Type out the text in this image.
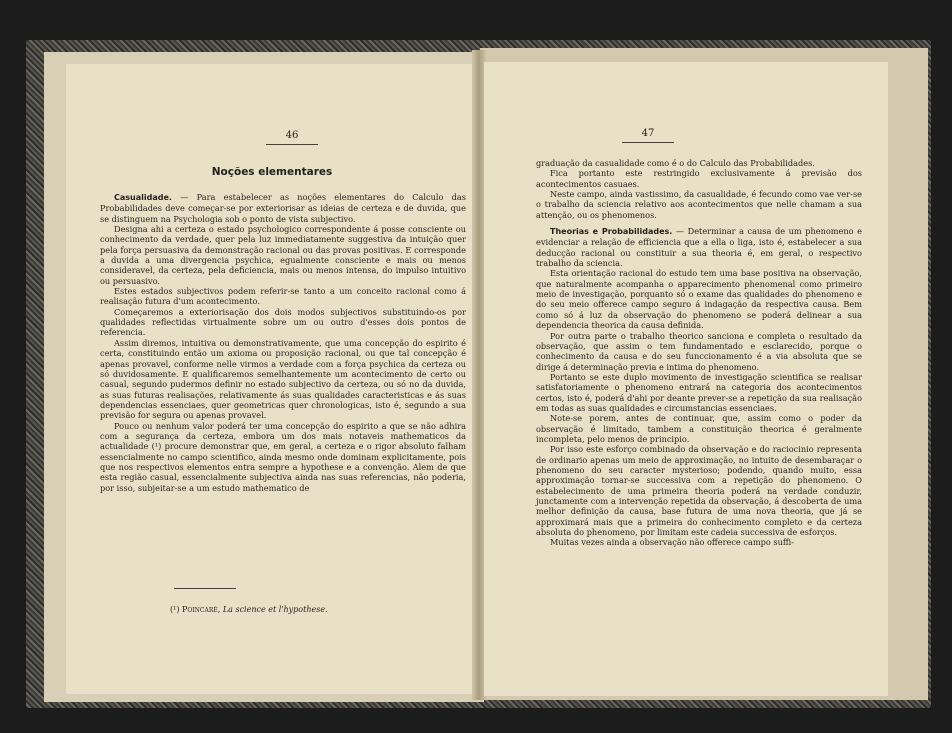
46
Noções elementares

Casualidade. — Para estabelecer as noções elementares do Calculo das Probabilidades deve começar-se por exteriorisar as ideias de certeza e de duvida, que se distinguem na Psychologia sob o ponto de vista subjectivo.

Designa ahi a certeza o estado psychologico correspondente á posse consciente ou conhecimento da verdade, quer pela luz immediatamente suggestiva da intuição quer pela força persuasiva da demonstração racional ou das provas positivas. E corresponde a duvida a uma divergencia psychica, egualmente consciente e mais ou menos consideravel, da certeza, pela deficiencia, mais ou menos intensa, do impulso intuitivo ou persuasivo.

Estes estados subjectivos podem referir-se tanto a um conceito racional como á realisação futura d'um acontecimento.

Começaremos a exteriorisação dos dois modos subjectivos substituindo-os por qualidades reflectidas virtualmente sobre um ou outro d'esses dois pontos de referencia.

Assim diremos, intuitiva ou demonstrativamente, que uma concepção do espirito é certa, constituindo então um axioma ou proposição racional, ou que tal concepção é apenas provavel, conforme nelle virmos a verdade com a força psychica da certeza ou só duvidosamente. E qualificaremos semelhantemente um acontecimento de certo ou casual, segundo pudermos definir no estado subjectivo da certeza, ou só no da duvida, as suas futuras realisações, relativamente ás suas qualidades caracteristicas e ás suas dependencias essenciaes, quer geometricas quer chronologicas, isto é, segundo a sua previsão for segura ou apenas provavel.

Pouco ou nenhum valor poderá ter uma concepção do espirito a que se não adhira com a segurança da certeza, embora um dos mais notaveis mathematicos da actualidade (¹) procure demonstrar que, em geral, a certeza e o rigor absoluto falham essencialmente no campo scientifico, ainda mesmo onde dominam explicitamente, pois que nos respectivos elementos entra sempre a hypothese e a convenção. Alem de que esta região casual, essencialmente subjectiva ainda nas suas referencias, não poderia, por isso, subjeitar-se a um estudo mathematico de

(¹) Poincaré, La science et l'hypothese.
47

graduação da casualidade como é o do Calculo das Probabilidades.

Fica portanto este restringido exclusivamente á previsão dos acontecimentos casuaes.

Neste campo, ainda vastissimo, da casualidade, é fecundo como vae ver-se o trabalho da sciencia relativo aos acontecimentos que nelle chamam a sua attenção, ou os phenomenos.

Theorias e Probabilidades. — Determinar a causa de um phenomeno e evidenciar a relação de efficiencia que a ella o liga, isto é, estabelecer a sua deducção racional ou constituir a sua theoria é, em geral, o respectivo trabalho da sciencia.

Esta orientação racional do estudo tem uma base positiva na observação, que naturalmente acompanha o apparecimento phenomenal como primeiro meio de investigação, porquanto só o exame das qualidades do phenomeno e do seu meio offerece campo seguro á indagação da respectiva causa. Bem como só á luz da observação do phenomeno se poderá delinear a sua dependencia theorica da causa definida.

Por outra parte o trabalho theorico sanciona e completa o resultado da observação, que assim o tem fundamentado e esclarecido, porque o conhecimento da causa e do seu funccionamento é a via absoluta que se dirige á determinação previa e intima do phenomeno.

Portanto se este duplo movimento de investigação scientifica se realisar satisfatoriamente o phenomeno entrará na categoria dos acontecimentos certos, isto é, poderá d'ahi por deante prever-se a repetição da sua realisação em todas as suas qualidades e circumstancias essenciaes.

Note-se porem, antes de continuar, que, assim como o poder da observação é limitado, tambem a constituição theorica é geralmente incompleta, pelo menos de principio.

Por isso este esforço combinado da observação e do raciocinio representa de ordinario apenas um meio de approximação, no intuito de desembaraçar o phenomeno do seu caracter mysterioso; podendo, quando muito, essa approximação tornar-se successiva com a repetição do phenomeno. O estabelecimento de uma primeira theoria poderá na verdade conduzir, junctamente com a intervenção repetida da observação, á descoberta de uma melhor definição da causa, base futura de uma nova theoria, que já se approximará mais que a primeira do conhecimento completo e da certeza absoluta do phenomeno, por limitam este cadeia successiva de esforços.

Muitas vezes ainda a observação não offerece campo suffi-
